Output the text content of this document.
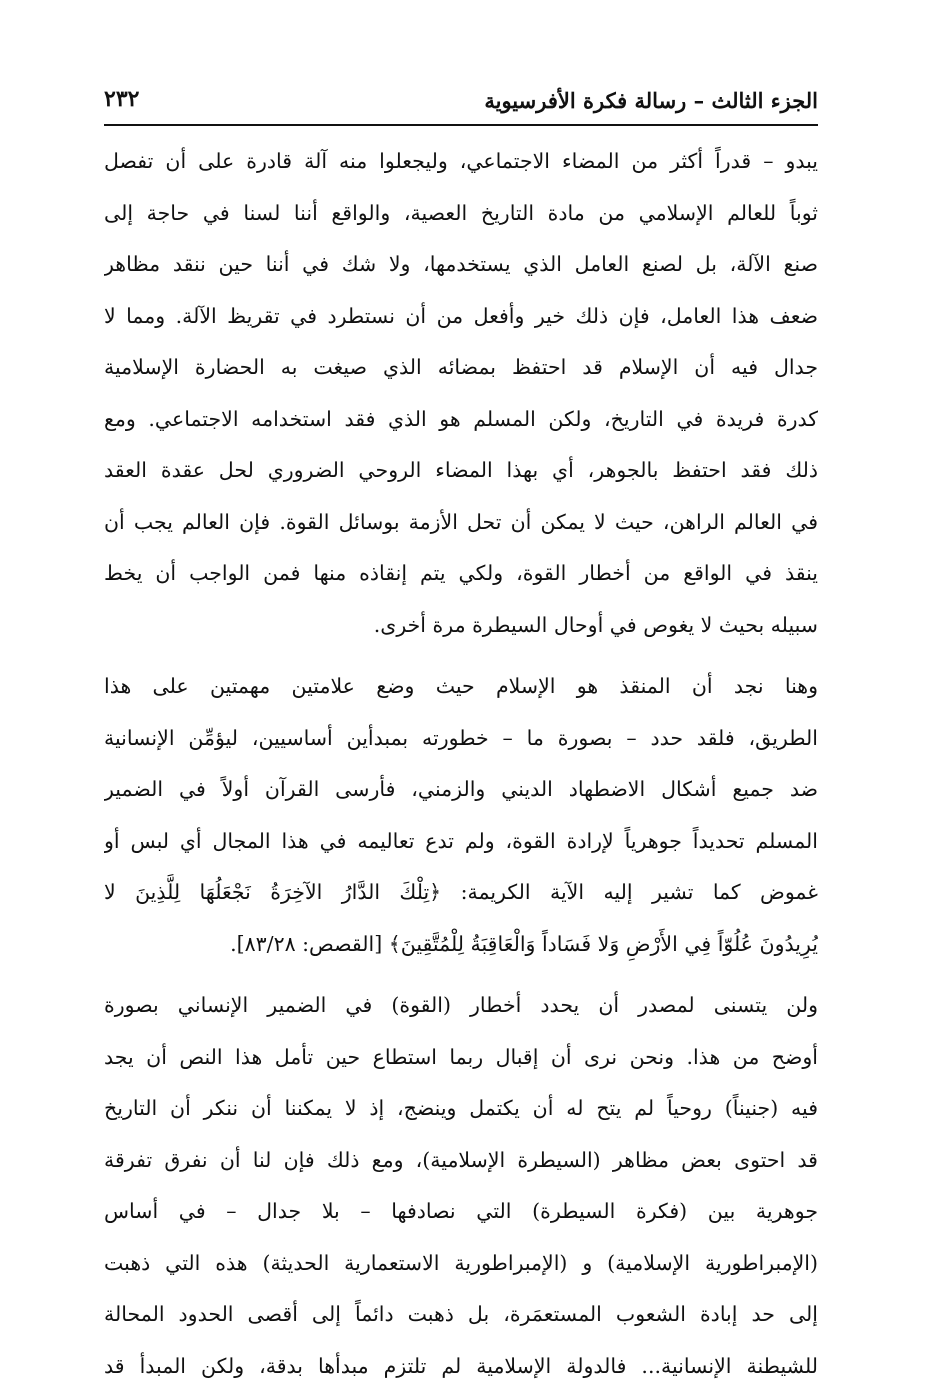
الجزء الثالث – رسالة فكرة الأفرسيوية
٢٣٢
يبدو – قدراً أكثر من المضاء الاجتماعي، وليجعلوا منه آلة قادرة على أن تفصل
ثوباً للعالم الإسلامي من مادة التاريخ العصية، والواقع أننا لسنا في حاجة إلى
صنع الآلة، بل لصنع العامل الذي يستخدمها، ولا شك في أننا حين ننقد مظاهر
ضعف هذا العامل، فإن ذلك خير وأفعل من أن نستطرد في تقريظ الآلة. ومما لا
جدال فيه أن الإسلام قد احتفظ بمضائه الذي صيغت به الحضارة الإسلامية
كدرة فريدة في التاريخ، ولكن المسلم هو الذي فقد استخدامه الاجتماعي. ومع
ذلك فقد احتفظ بالجوهر، أي بهذا المضاء الروحي الضروري لحل عقدة العقد
في العالم الراهن، حيث لا يمكن أن تحل الأزمة بوسائل القوة. فإن العالم يجب أن
ينقذ في الواقع من أخطار القوة، ولكي يتم إنقاذه منها فمن الواجب أن يخط
سبيله بحيث لا يغوص في أوحال السيطرة مرة أخرى.
وهنا نجد أن المنقذ هو الإسلام حيث وضع علامتين مهمتين على هذا
الطريق، فلقد حدد – بصورة ما – خطورته بمبدأين أساسيين، ليؤمِّن الإنسانية
ضد جميع أشكال الاضطهاد الديني والزمني، فأرسى القرآن أولاً في الضمير
المسلم تحديداً جوهرياً لإرادة القوة، ولم تدع تعاليمه في هذا المجال أي لبس أو
غموض كما تشير إليه الآية الكريمة: ﴿تِلْكَ الدَّارُ الآخِرَةُ نَجْعَلُهَا لِلَّذِينَ لا
يُرِيدُونَ عُلُوّاً فِي الأَرْضِ وَلا فَسَاداً وَالْعَاقِبَةُ لِلْمُتَّقِينَ﴾ [القصص: ٨٣/٢٨].
ولن يتسنى لمصدر أن يحدد أخطار (القوة) في الضمير الإنساني بصورة
أوضح من هذا. ونحن نرى أن إقبال ربما استطاع حين تأمل هذا النص أن يجد
فيه (جنيناً) روحياً لم يتح له أن يكتمل وينضج، إذ لا يمكننا أن ننكر أن التاريخ
قد احتوى بعض مظاهر (السيطرة الإسلامية)، ومع ذلك فإن لنا أن نفرق تفرقة
جوهرية بين (فكرة السيطرة) التي نصادفها – بلا جدال – في أساس
(الإمبراطورية الإسلامية) و (الإمبراطورية الاستعمارية الحديثة) هذه التي ذهبت
إلى حد إبادة الشعوب المستعمَرة، بل ذهبت دائماً إلى أقصى الحدود المحالة
للشيطنة الإنسانية... فالدولة الإسلامية لم تلتزم مبدأها بدقة، ولكن المبدأ قد
